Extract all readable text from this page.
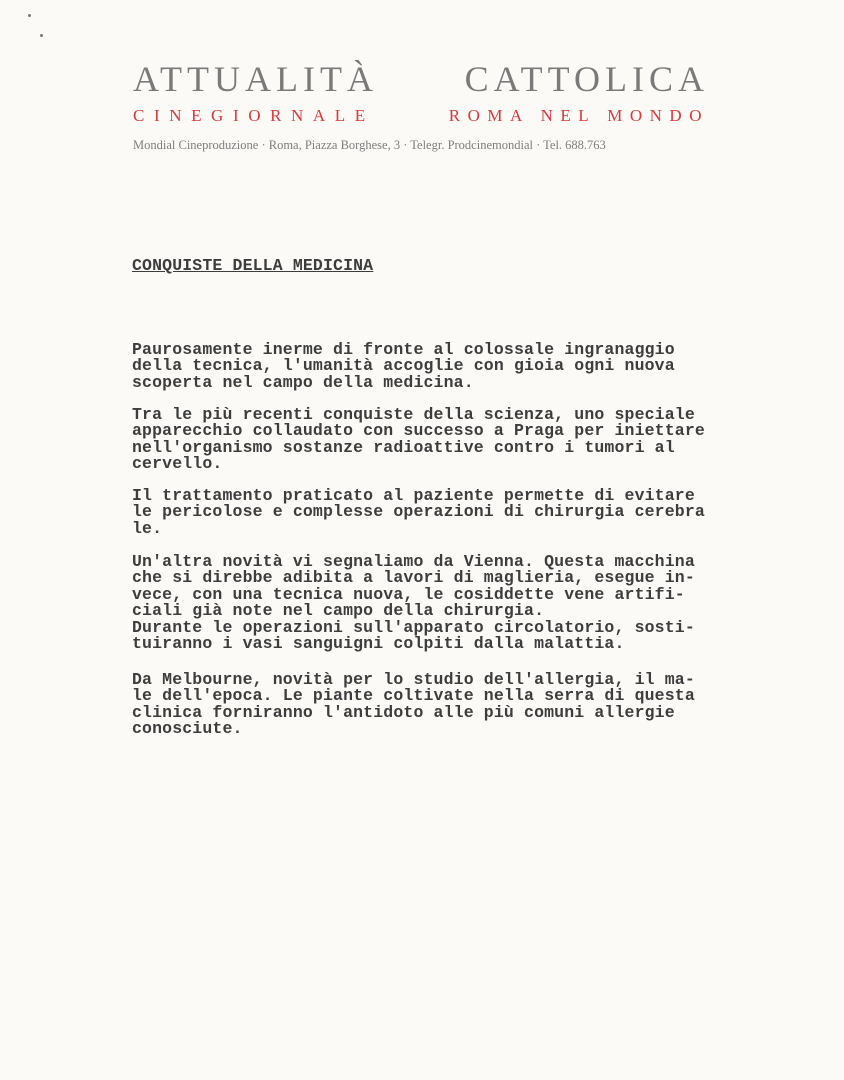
ATTUALITÀ CATTOLICA
CINEGIORNALE	ROMA NEL MONDO
Mondial Cineproduzione · Roma, Piazza Borghese, 3 · Telegr. Prodcinemondial · Tel. 688.763
CONQUISTE DELLA MEDICINA
Paurosamente inerme di fronte al colossale ingranaggio
della tecnica, l'umanità accoglie con gioia ogni nuova
scoperta nel campo della medicina.
Tra le più recenti conquiste della scienza, uno speciale
apparecchio collaudato con successo a Praga per iniettare
nell'organismo sostanze radioattive contro i tumori al
cervello.
Il trattamento praticato al paziente permette di evitare
le pericolose e complesse operazioni di chirurgia cerebra
le.
Un'altra novità vi segnaliamo da Vienna. Questa macchina
che si direbbe adibita a lavori di maglieria, esegue in-
vece, con una tecnica nuova, le cosiddette vene artifi-
ciali già note nel campo della chirurgia.
Durante le operazioni sull'apparato circolatorio, sosti-
tuiranno i vasi sanguigni colpiti dalla malattia.
Da Melbourne, novità per lo studio dell'allergia, il ma-
le dell'epoca. Le piante coltivate nella serra di questa
clinica forniranno l'antidoto alle più comuni allergie
conosciute.
